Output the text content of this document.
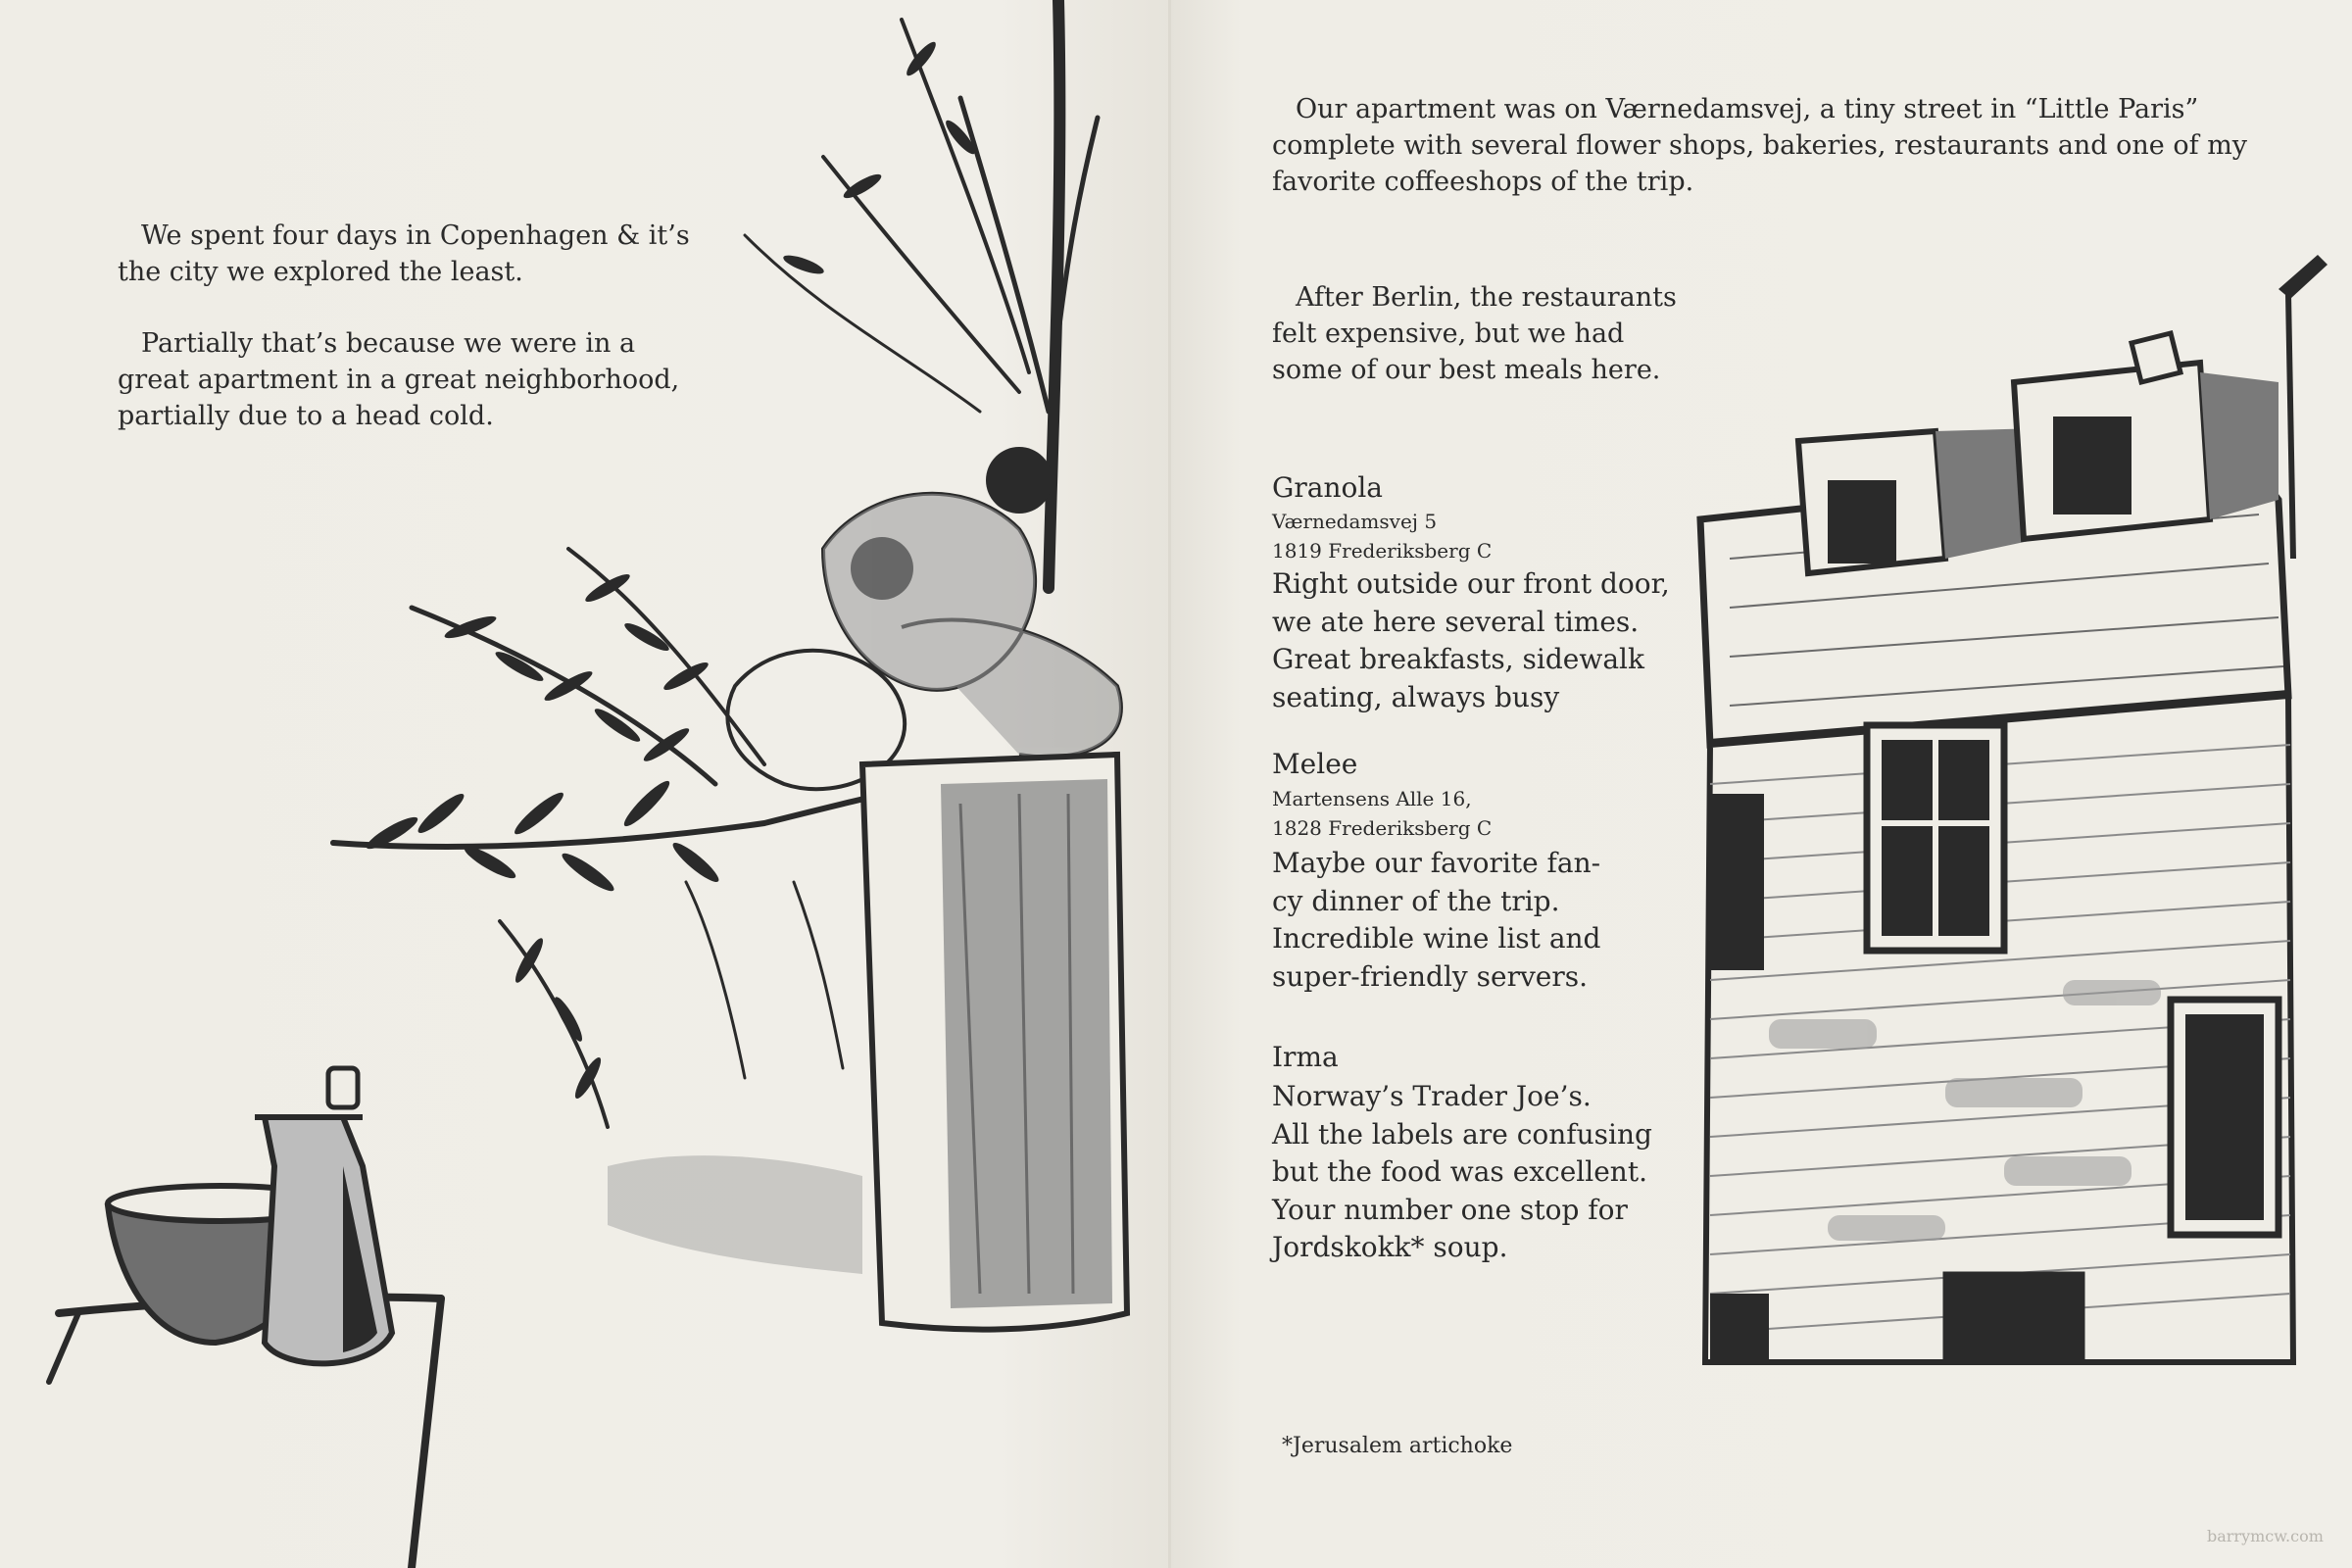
We spent four days in Copenhagen & it’s
the city we explored the least.

Partially that’s because we were in a
great apartment in a great neighborhood,
partially due to a head cold.

Our apartment was on Værnedamsvej, a tiny street in “Little Paris”
complete with several flower shops, bakeries, restaurants and one of my
favorite coffeeshops of the trip.

After Berlin, the restaurants
felt expensive, but we had
some of our best meals here.

Granola

Værnedamsvej 5
1819 Frederiksberg C

Right outside our front door,
we ate here several times.
Great breakfasts, sidewalk
seating, always busy

Melee

Martensens Alle 16,
1828 Frederiksberg C

Maybe our favorite fan-
cy dinner of the trip.
Incredible wine list and
super-friendly servers.

Irma

Norway’s Trader Joe’s.
All the labels are confusing
but the food was excellent.
Your number one stop for
Jordskokk* soup.

*Jerusalem artichoke

barrymcw.com
